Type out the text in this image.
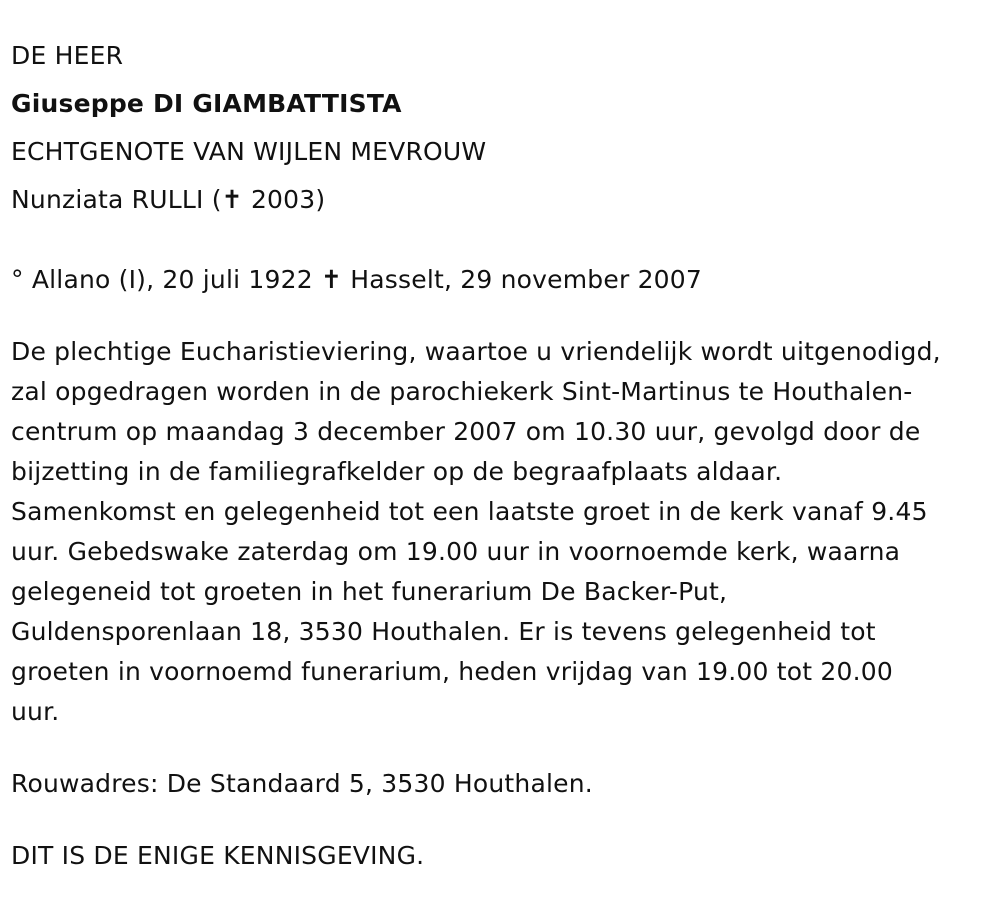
DE HEER
Giuseppe DI GIAMBATTISTA
ECHTGENOTE VAN WIJLEN MEVROUW
Nunziata RULLI (✝ 2003)
° Allano (I), 20 juli 1922 ✝ Hasselt, 29 november 2007
De plechtige Eucharistieviering, waartoe u vriendelijk wordt uitgenodigd,
zal opgedragen worden in de parochiekerk Sint-Martinus te Houthalen-
centrum op maandag 3 december 2007 om 10.30 uur, gevolgd door de
bijzetting in de familiegrafkelder op de begraafplaats aldaar.
Samenkomst en gelegenheid tot een laatste groet in de kerk vanaf 9.45
uur. Gebedswake zaterdag om 19.00 uur in voornoemde kerk, waarna
gelegeneid tot groeten in het funerarium De Backer-Put,
Guldensporenlaan 18, 3530 Houthalen. Er is tevens gelegenheid tot
groeten in voornoemd funerarium, heden vrijdag van 19.00 tot 20.00
uur.
Rouwadres: De Standaard 5, 3530 Houthalen.
DIT IS DE ENIGE KENNISGEVING.
